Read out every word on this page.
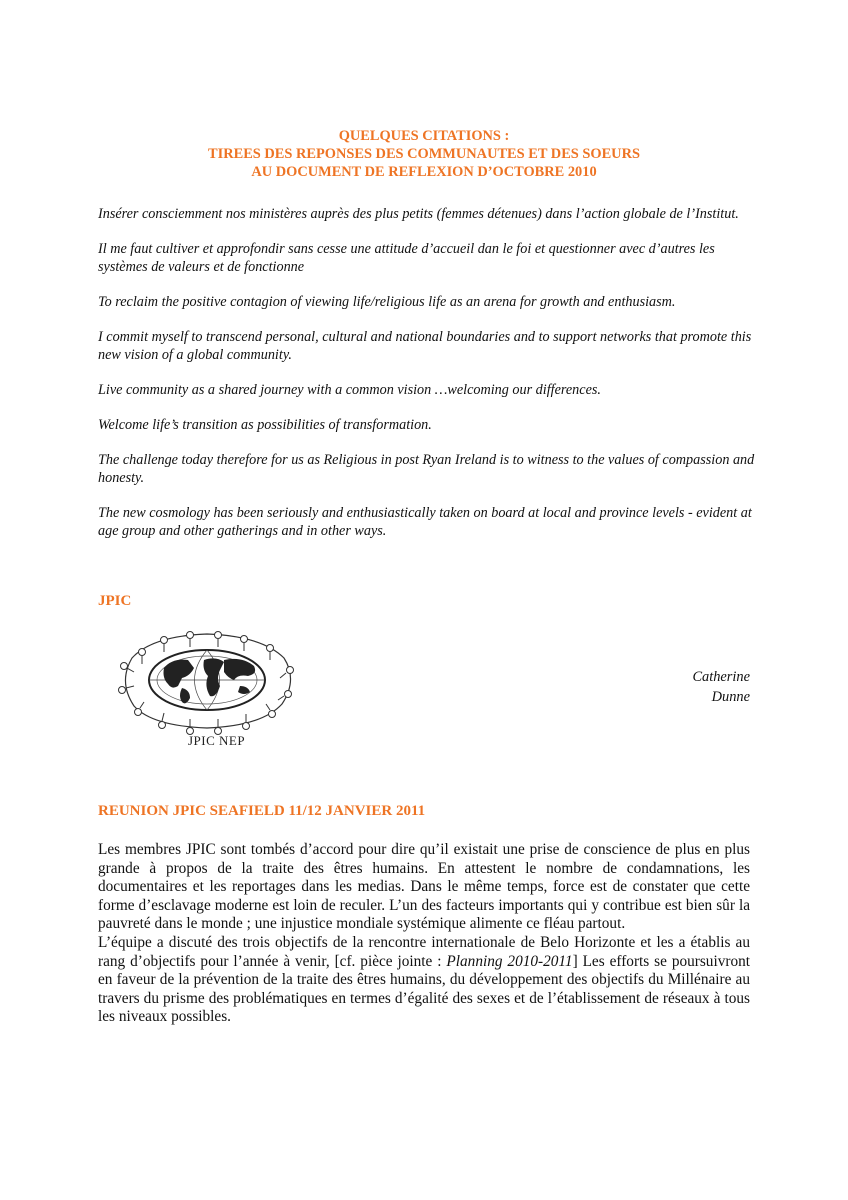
QUELQUES CITATIONS :
TIREES DES REPONSES DES COMMUNAUTES ET DES SOEURS
AU DOCUMENT DE REFLEXION D’OCTOBRE 2010

Insérer consciemment nos ministères auprès des plus petits (femmes détenues) dans l’action globale de l’Institut.

Il me faut cultiver et approfondir sans cesse une attitude d’accueil dan le foi et questionner avec d’autres les systèmes de valeurs et de fonctionne

To reclaim the positive contagion of viewing life/religious life as an arena for growth and enthusiasm.

I commit myself to transcend personal, cultural and national boundaries and to support networks that promote this new vision of a global community.

Live community as a shared journey with a common vision …welcoming our differences.

Welcome life’s transition as possibilities of transformation.

The challenge today therefore for us as Religious in post Ryan Ireland is to witness to the values of compassion and honesty.

The new cosmology has been seriously and enthusiastically taken on board at local and province levels - evident at age group and other gatherings and in other ways.

JPIC
JPIC NEP
Catherine
Dunne
REUNION JPIC SEAFIELD 11/12 JANVIER 2011

Les membres JPIC sont tombés d’accord pour dire qu’il existait une prise de conscience de plus en plus grande à propos de la traite des êtres humains. En attestent le nombre de condamnations, les documentaires et les reportages dans les medias. Dans le même temps, force est de constater que cette forme d’esclavage moderne est loin de reculer. L’un des facteurs importants qui y contribue est bien sûr la pauvreté dans le monde ; une injustice mondiale systémique alimente ce fléau partout.

L’équipe a discuté des trois objectifs de la rencontre internationale de Belo Horizonte et les a établis au rang d’objectifs pour l’année à venir, [cf. pièce jointe : Planning 2010-2011] Les efforts se poursuivront en faveur de la prévention de la traite des êtres humains, du développement des objectifs du Millénaire au travers du prisme des problématiques en termes d’égalité des sexes et de l’établissement de réseaux à tous les niveaux possibles.
